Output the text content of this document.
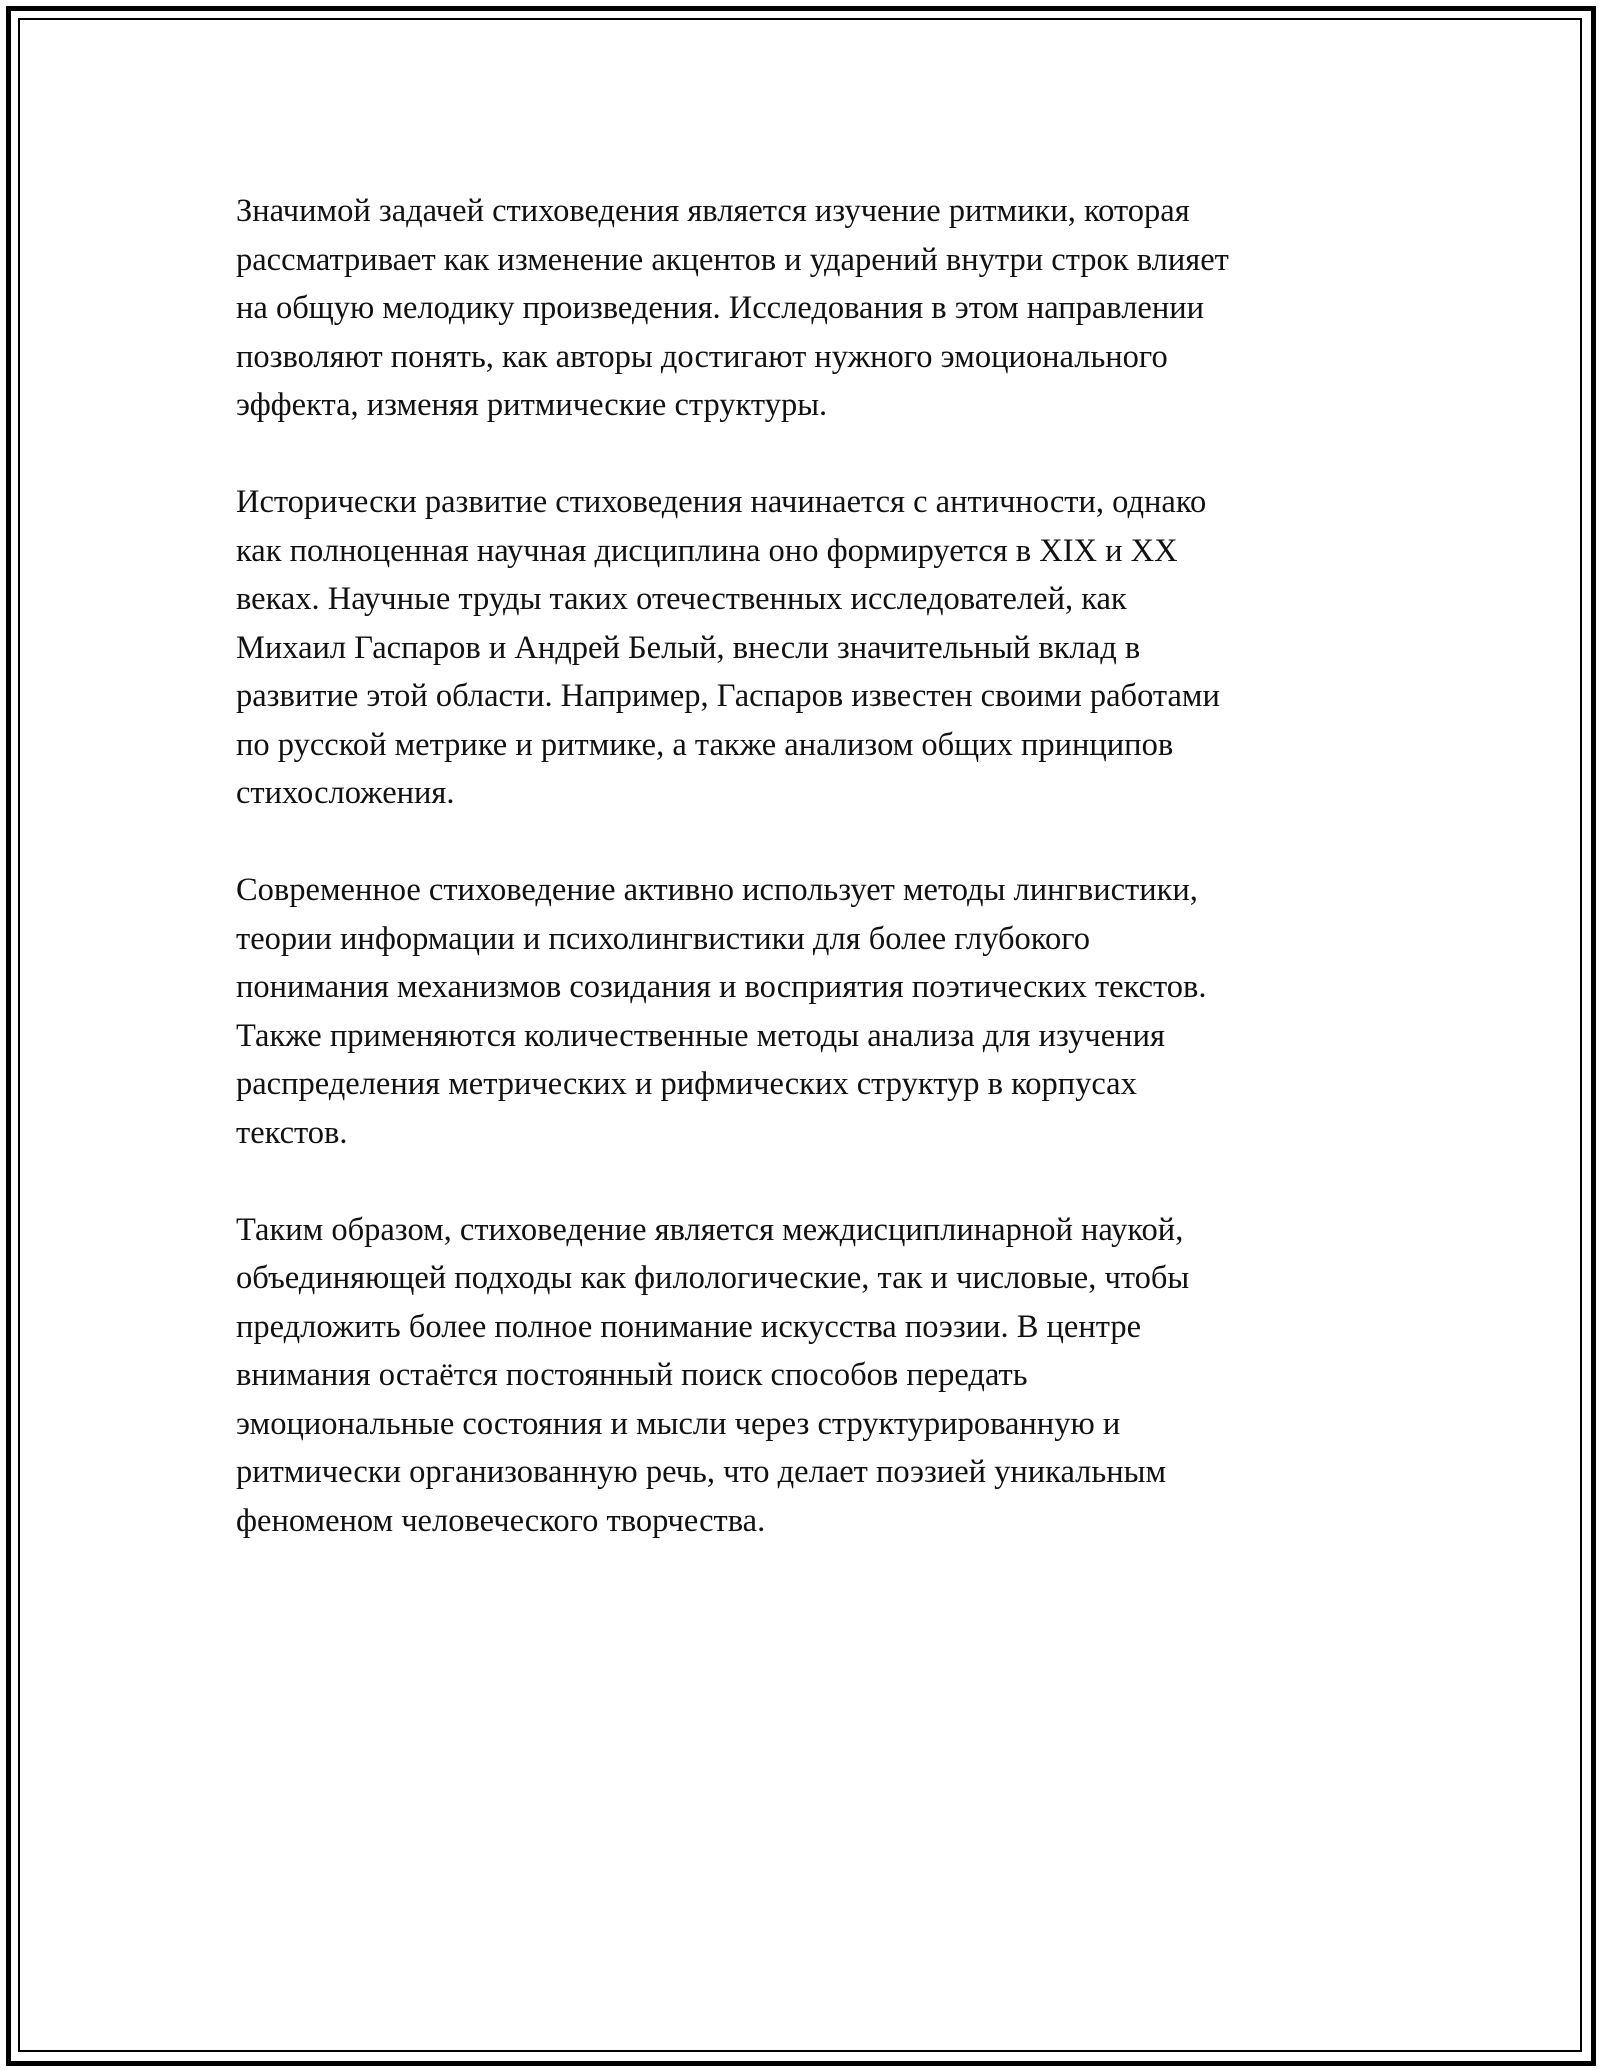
Значимой задачей стиховедения является изучение ритмики, которая
рассматривает как изменение акцентов и ударений внутри строк влияет
на общую мелодику произведения. Исследования в этом направлении
позволяют понять, как авторы достигают нужного эмоционального
эффекта, изменяя ритмические структуры.
Исторически развитие стиховедения начинается с античности, однако
как полноценная научная дисциплина оно формируется в XIX и XX
веках. Научные труды таких отечественных исследователей, как
Михаил Гаспаров и Андрей Белый, внесли значительный вклад в
развитие этой области. Например, Гаспаров известен своими работами
по русской метрике и ритмике, а также анализом общих принципов
стихосложения.
Современное стиховедение активно использует методы лингвистики,
теории информации и психолингвистики для более глубокого
понимания механизмов созидания и восприятия поэтических текстов.
Также применяются количественные методы анализа для изучения
распределения метрических и рифмических структур в корпусах
текстов.
Таким образом, стиховедение является междисциплинарной наукой,
объединяющей подходы как филологические, так и числовые, чтобы
предложить более полное понимание искусства поэзии. В центре
внимания остаётся постоянный поиск способов передать
эмоциональные состояния и мысли через структурированную и
ритмически организованную речь, что делает поэзией уникальным
феноменом человеческого творчества.
